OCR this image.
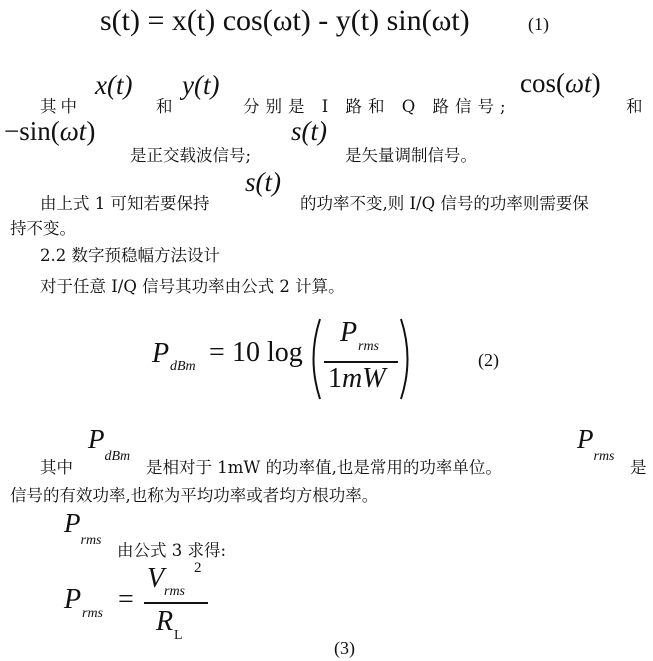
s(t) = x(t) cos(ωt) - y(t) sin(ωt)	(1)
其中
x(t)
和
y(t)
分别是 I 路和 Q 路信号;
cos(ωt)
和
−sin(ωt)
是正交载波信号;
s(t)
是矢量调制信号。
由上式 1 可知若要保持
s(t)
的功率不变,则 I/Q 信号的功率则需要保
持不变。
2.2 数字预稳幅方法设计
对于任意 I/Q 信号其功率由公式 2 计算。
P dBm = 10 log
P rms
1mW
(2)
其中
$P_{dBm}$
是相对于 1mW 的功率值,也是常用的功率单位。
$P_{rms}$
是
信号的有效功率,也称为平均功率或者均方根功率。
$P_{rms}$
由公式 3 求得:
P rms =
V rms
2
R L
(3)
